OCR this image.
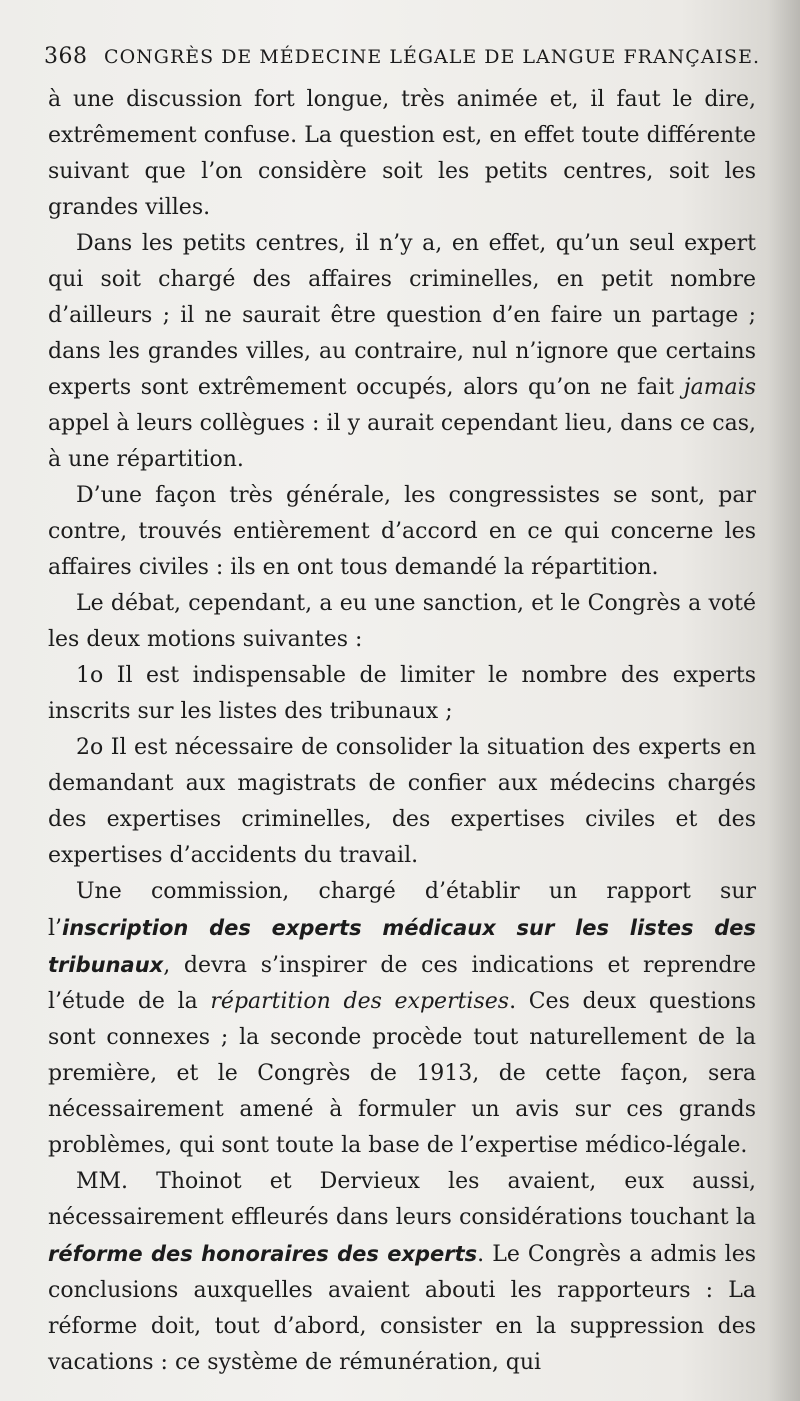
368 CONGRÈS DE MÉDECINE LÉGALE DE LANGUE FRANÇAISE.

à une discussion fort longue, très animée et, il faut le dire, extrêmement confuse. La question est, en effet toute différente suivant que l’on considère soit les petits centres, soit les grandes villes.

Dans les petits centres, il n’y a, en effet, qu’un seul expert qui soit chargé des affaires criminelles, en petit nombre d’ailleurs ; il ne saurait être question d’en faire un partage ; dans les grandes villes, au contraire, nul n’ignore que certains experts sont extrêmement occupés, alors qu’on ne fait jamais appel à leurs collègues : il y aurait cependant lieu, dans ce cas, à une répartition.

D’une façon très générale, les congressistes se sont, par contre, trouvés entièrement d’accord en ce qui concerne les affaires civiles : ils en ont tous demandé la répartition.

Le débat, cependant, a eu une sanction, et le Congrès a voté les deux motions suivantes :

1o Il est indispensable de limiter le nombre des experts inscrits sur les listes des tribunaux ;

2o Il est nécessaire de consolider la situation des experts en demandant aux magistrats de confier aux médecins chargés des expertises criminelles, des expertises civiles et des expertises d’accidents du travail.

Une commission, chargé d’établir un rapport sur l’inscription des experts médicaux sur les listes des tribunaux, devra s’inspirer de ces indications et reprendre l’étude de la répartition des expertises. Ces deux questions sont connexes ; la seconde procède tout naturellement de la première, et le Congrès de 1913, de cette façon, sera nécessairement amené à formuler un avis sur ces grands problèmes, qui sont toute la base de l’expertise médico-légale.

MM. Thoinot et Dervieux les avaient, eux aussi, nécessairement effleurés dans leurs considérations touchant la réforme des honoraires des experts. Le Congrès a admis les conclusions auxquelles avaient abouti les rapporteurs : La réforme doit, tout d’abord, consister en la suppression des vacations : ce système de rémunération, qui
